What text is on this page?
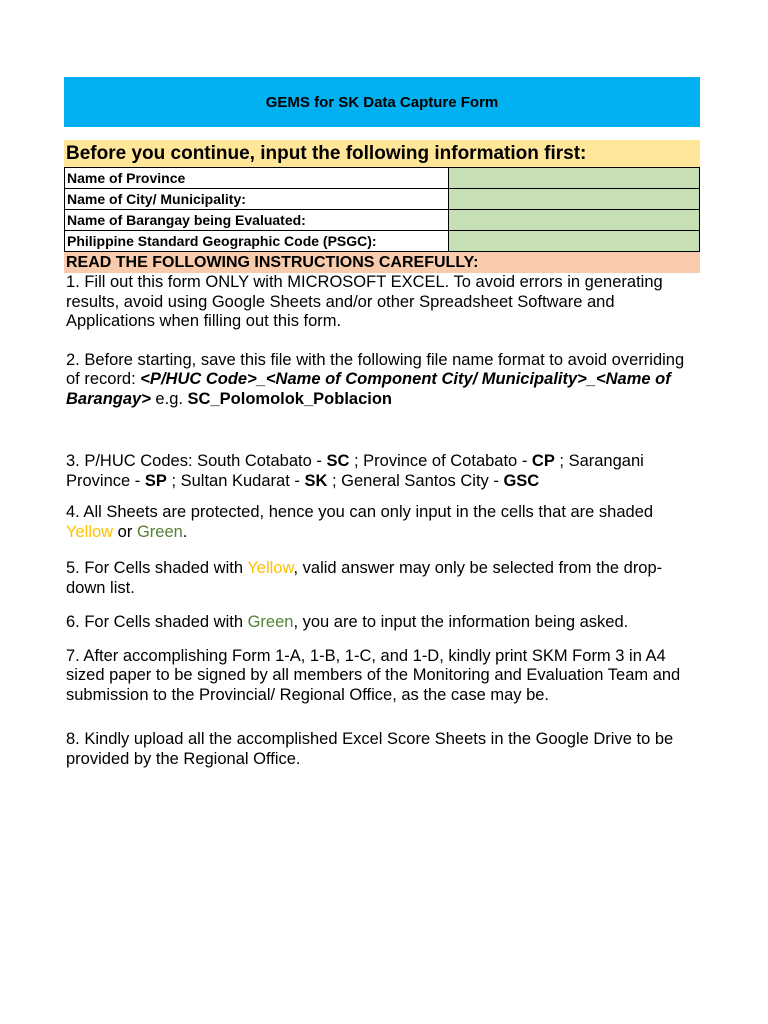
GEMS for SK Data Capture Form
Before you continue, input the following information first:
Name of Province	
Name of City/ Municipality:	
Name of Barangay being Evaluated:	
Philippine Standard Geographic Code (PSGC):	
READ THE FOLLOWING INSTRUCTIONS CAREFULLY:

1. Fill out this form ONLY with MICROSOFT EXCEL. To avoid errors in generating results, avoid using Google Sheets and/or other Spreadsheet Software and Applications when filling out this form.

2. Before starting, save this file with the following file name format to avoid overriding of record: <P/HUC Code>_<Name of Component City/ Municipality>_<Name of Barangay> e.g. SC_Polomolok_Poblacion

3. P/HUC Codes: South Cotabato - SC ; Province of Cotabato - CP ; Sarangani Province - SP ; Sultan Kudarat - SK ; General Santos City - GSC

4. All Sheets are protected, hence you can only input in the cells that are shaded Yellow or Green.

5. For Cells shaded with Yellow, valid answer may only be selected from the drop-down list.

6. For Cells shaded with Green, you are to input the information being asked.

7. After accomplishing Form 1-A, 1-B, 1-C, and 1-D, kindly print SKM Form 3 in A4 sized paper to be signed by all members of the Monitoring and Evaluation Team and submission to the Provincial/ Regional Office, as the case may be.

8. Kindly upload all the accomplished Excel Score Sheets in the Google Drive to be provided by the Regional Office.
